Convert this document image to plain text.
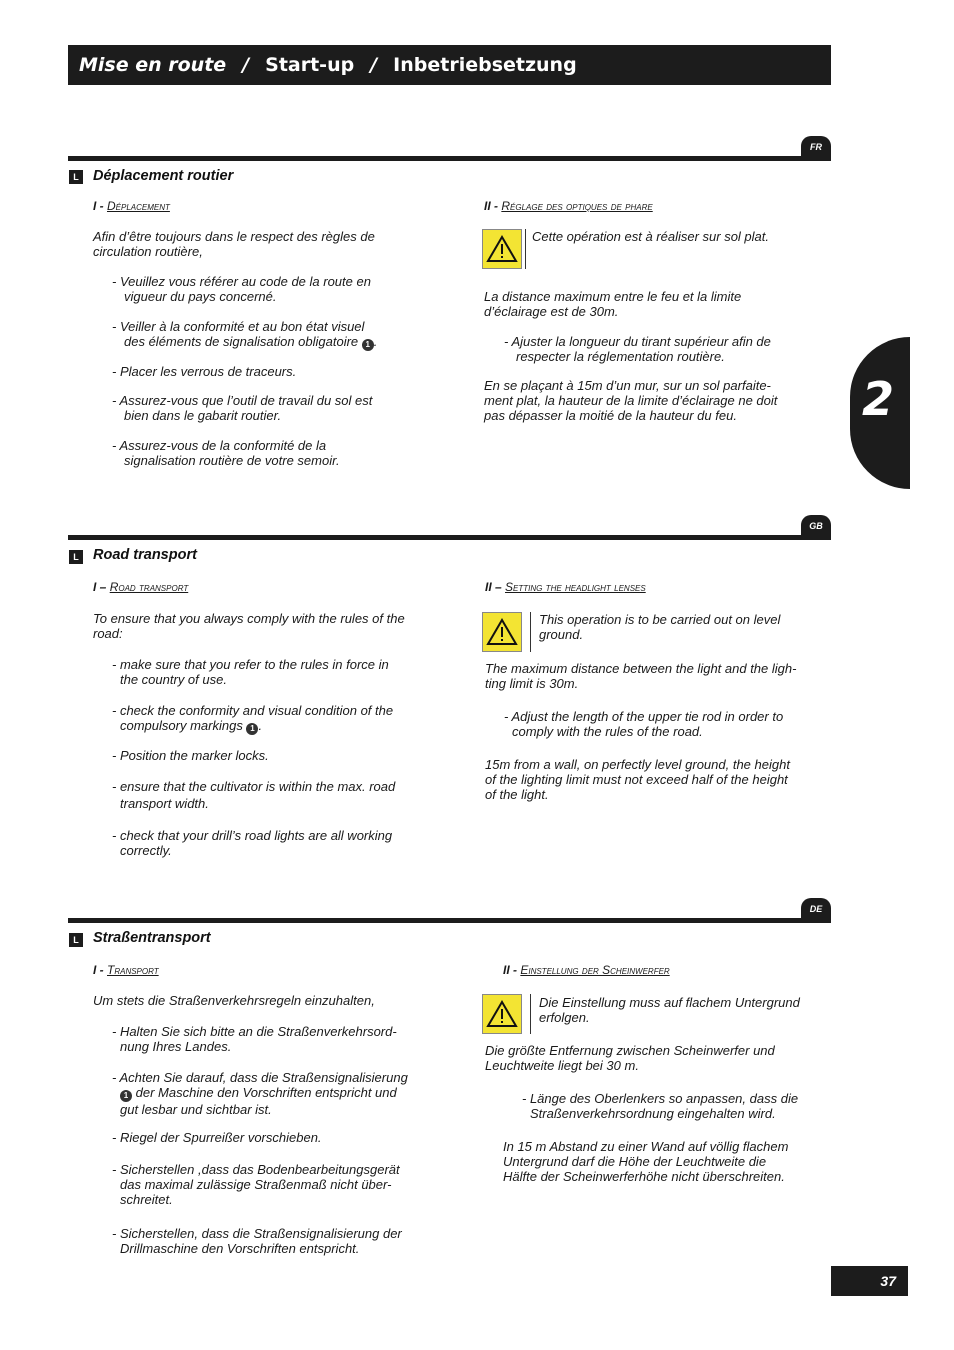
Mise en route / Start-up / Inbetriebsetzung
2
FR
L Déplacement routier
I - Déplacement
Afin d’être toujours dans le respect des règles de
circulation routière,
- Veuillez vous référer au code de la route en
vigueur du pays concerné.
- Veiller à la conformité et au bon état visuel
des éléments de signalisation obligatoire 1 .
- Placer les verrous de traceurs.
- Assurez-vous que l’outil de travail du sol est
bien dans le gabarit routier.
- Assurez-vous de la conformité de la
signalisation routière de votre semoir.
II - Réglage des optiques de phare
Cette opération est à réaliser sur sol plat.
La distance maximum entre le feu et la limite
d’éclairage est de 30m.
- Ajuster la longueur du tirant supérieur afin de
respecter la réglementation routière.
En se plaçant à 15m d’un mur, sur un sol parfaite-
ment plat, la hauteur de la limite d’éclairage ne doit
pas dépasser la moitié de la hauteur du feu.
GB
L Road transport
I – Road transport
To ensure that you always comply with the rules of the
road:
- make sure that you refer to the rules in force in
the country of use.
- check the conformity and visual condition of the
compulsory markings 1 .
- Position the marker locks.
- ensure that the cultivator is within the max. road
transport width.
- check that your drill’s road lights are all working
correctly.
II – Setting the headlight lenses
This operation is to be carried out on level
ground.
The maximum distance between the light and the ligh-
ting limit is 30m.
- Adjust the length of the upper tie rod in order to
comply with the rules of the road.
15m from a wall, on perfectly level ground, the height
of the lighting limit must not exceed half of the height
of the light.
DE
L Straßentransport
I - Transport
Um stets die Straßenverkehrsregeln einzuhalten,
- Halten Sie sich bitte an die Straßenverkehrsord-
nung Ihres Landes.
- Achten Sie darauf, dass die Straßensignalisierung
1 der Maschine den Vorschriften entspricht und
gut lesbar und sichtbar ist.
- Riegel der Spurreißer vorschieben.
- Sicherstellen ,dass das Bodenbearbeitungsgerät
das maximal zulässige Straßenmaß nicht über-
schreitet.
- Sicherstellen, dass die Straßensignalisierung der
Drillmaschine den Vorschriften entspricht.
II - Einstellung der Scheinwerfer
Die Einstellung muss auf flachem Untergrund
erfolgen.
Die größte Entfernung zwischen Scheinwerfer und
Leuchtweite liegt bei 30 m.
- Länge des Oberlenkers so anpassen, dass die
Straßenverkehrsordnung eingehalten wird.
In 15 m Abstand zu einer Wand auf völlig flachem
Untergrund darf die Höhe der Leuchtweite die
Hälfte der Scheinwerferhöhe nicht überschreiten.
37
